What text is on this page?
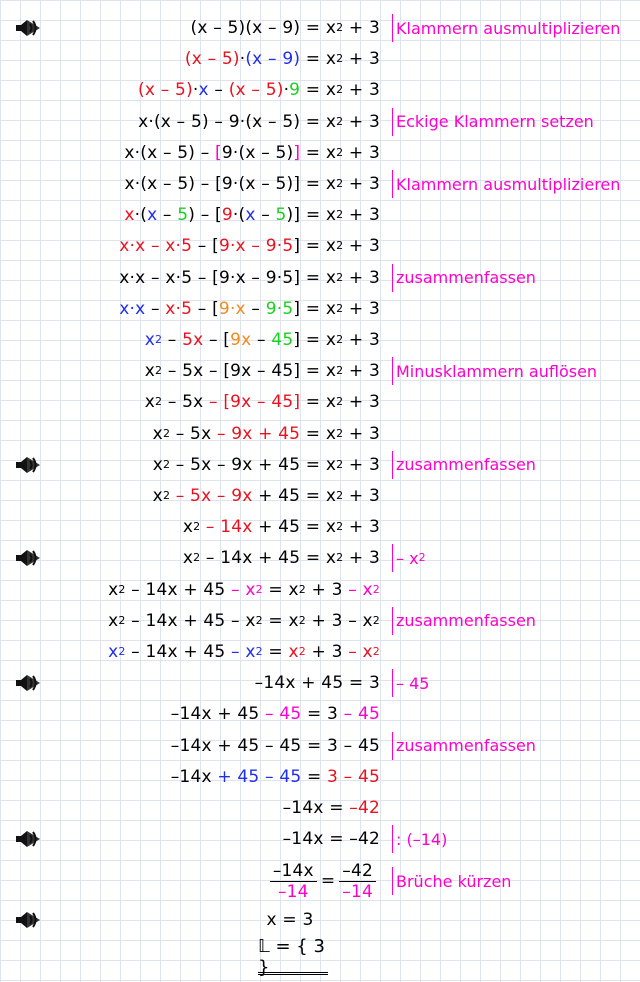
(x – 5)(x – 9) = x 2 + 3 Klammern ausmultiplizieren
(x – 5) · (x – 9) = x 2 + 3
(x – 5) · x – (x – 5) · 9 = x 2 + 3
x·(x – 5) – 9·(x – 5) = x 2 + 3 Eckige Klammern setzen
x·(x – 5) – [ 9·(x – 5) ] = x 2 + 3
x·(x – 5) – [9·(x – 5)] = x 2 + 3 Klammern ausmultiplizieren
x ·( x – 5 ) – [ 9 ·( x – 5 )] = x 2 + 3
x·x – x·5 – [ 9·x – 9·5 ] = x 2 + 3
x·x – x·5 – [9·x – 9·5] = x 2 + 3 zusammenfassen
x·x – x·5 – [ 9·x – 9·5 ] = x 2 + 3
x 2 – 5x – [ 9x – 45 ] = x 2 + 3
x 2 – 5x – [9x – 45] = x 2 + 3 Minusklammern auflösen
x 2 – 5x – [9x – 45] = x 2 + 3
x 2 – 5x – 9x + 45 = x 2 + 3
x 2 – 5x – 9x + 45 = x 2 + 3 zusammenfassen
x 2
– 5x – 9x + 45 = x 2 + 3
x 2
– 14x + 45 = x 2 + 3
x 2 – 14x + 45 = x 2 + 3 – x 2
x 2 – 14x + 45 – x 2 = x 2 + 3 – x 2
x 2 – 14x + 45 – x 2 = x 2 + 3 – x 2 zusammenfassen
x 2 – 14x + 45 – x 2 = x 2 + 3 – x 2
–14x + 45 = 3 – 45
–14x + 45 – 45 = 3 – 45
–14x + 45 – 45 = 3 – 45 zusammenfassen
–14x + 45 – 45 = 3 – 45
–14x = –42
–14x = –42 : (–14)
$\frac{-14x}{-14} = \frac{-42}{-14}$ Brüche kürzen
x = 3
𝕃 = { 3 }
